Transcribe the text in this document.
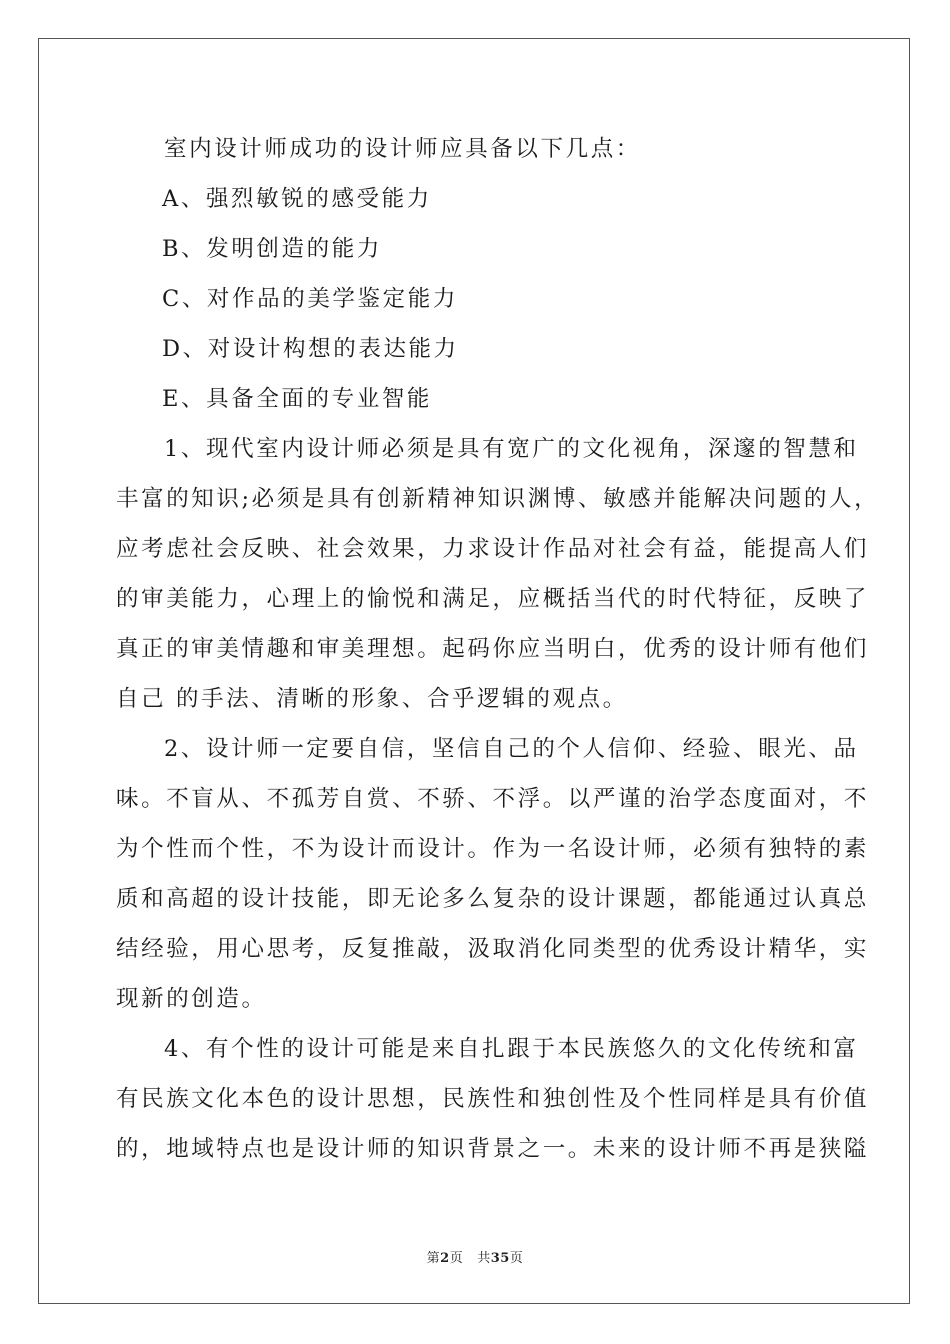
室内设计师成功的设计师应具备以下几点：
A、强烈敏锐的感受能力
B、发明创造的能力
C、对作品的美学鉴定能力
D、对设计构想的表达能力
E、具备全面的专业智能
1、现代室内设计师必须是具有宽广的文化视角，深邃的智慧和
丰富的知识;必须是具有创新精神知识渊博、敏感并能解决问题的人，
应考虑社会反映、社会效果，力求设计作品对社会有益，能提高人们
的审美能力，心理上的愉悦和满足，应概括当代的时代特征，反映了
真正的审美情趣和审美理想。起码你应当明白，优秀的设计师有他们
自己 的手法、清晰的形象、合乎逻辑的观点。
2、设计师一定要自信，坚信自己的个人信仰、经验、眼光、品
味。不盲从、不孤芳自赏、不骄、不浮。以严谨的治学态度面对，不
为个性而个性，不为设计而设计。作为一名设计师，必须有独特的素
质和高超的设计技能，即无论多么复杂的设计课题，都能通过认真总
结经验，用心思考，反复推敲，汲取消化同类型的优秀设计精华，实
现新的创造。
4、有个性的设计可能是来自扎跟于本民族悠久的文化传统和富
有民族文化本色的设计思想，民族性和独创性及个性同样是具有价值
的，地域特点也是设计师的知识背景之一。未来的设计师不再是狭隘
第2页 共35页
